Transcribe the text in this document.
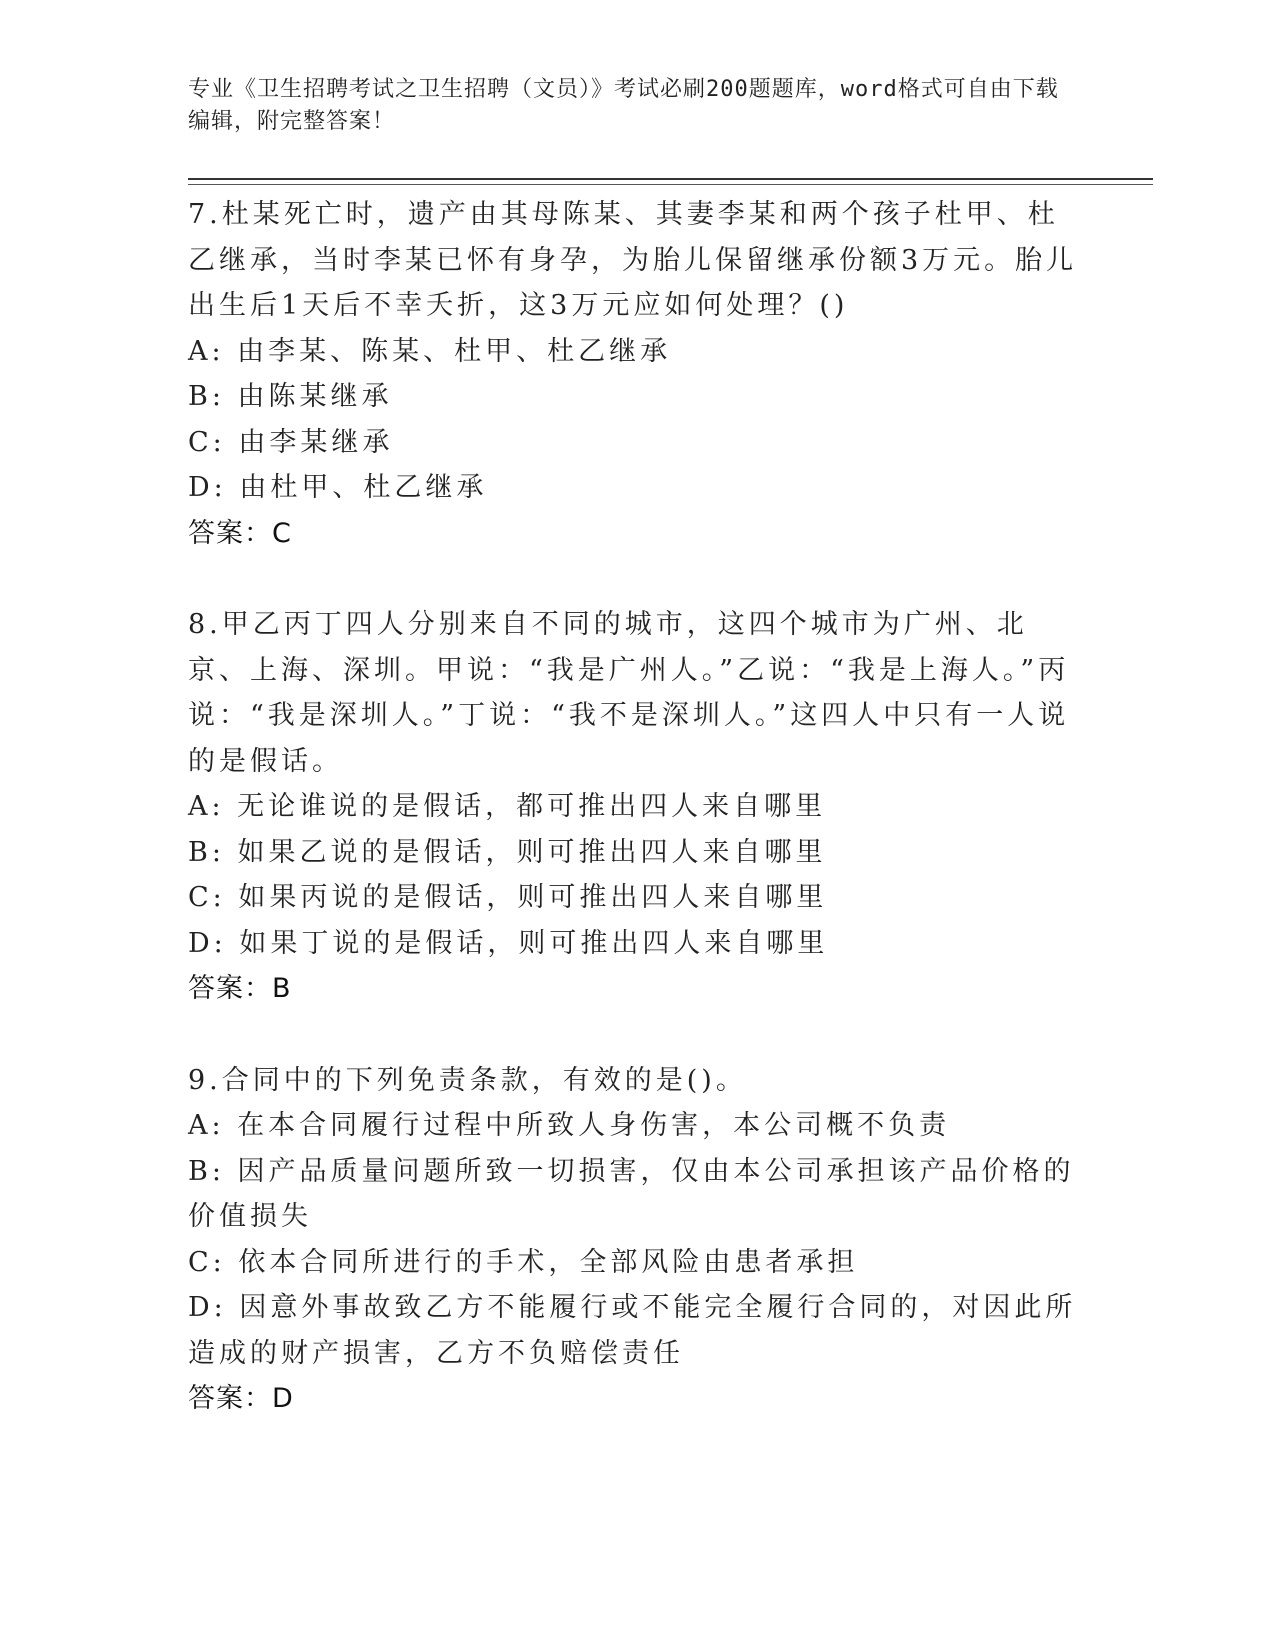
专业《卫生招聘考试之卫生招聘（文员）》考试必刷200题题库，word格式可自由下载编辑，附完整答案！

7.杜某死亡时，遗产由其母陈某、其妻李某和两个孩子杜甲、杜乙继承，当时李某已怀有身孕，为胎儿保留继承份额3万元。胎儿出生后1天后不幸夭折，这3万元应如何处理？()

A: 由李某、陈某、杜甲、杜乙继承

B: 由陈某继承

C: 由李某继承

D: 由杜甲、杜乙继承

答案：C

8.甲乙丙丁四人分别来自不同的城市，这四个城市为广州、北京、上海、深圳。甲说：“我是广州人。”乙说：“我是上海人。”丙说：“我是深圳人。”丁说：“我不是深圳人。”这四人中只有一人说的是假话。

A: 无论谁说的是假话，都可推出四人来自哪里

B: 如果乙说的是假话，则可推出四人来自哪里

C: 如果丙说的是假话，则可推出四人来自哪里

D: 如果丁说的是假话，则可推出四人来自哪里

答案：B

9.合同中的下列免责条款，有效的是()。

A: 在本合同履行过程中所致人身伤害，本公司概不负责

B: 因产品质量问题所致一切损害，仅由本公司承担该产品价格的价值损失

C: 依本合同所进行的手术，全部风险由患者承担

D: 因意外事故致乙方不能履行或不能完全履行合同的，对因此所造成的财产损害，乙方不负赔偿责任

答案：D
